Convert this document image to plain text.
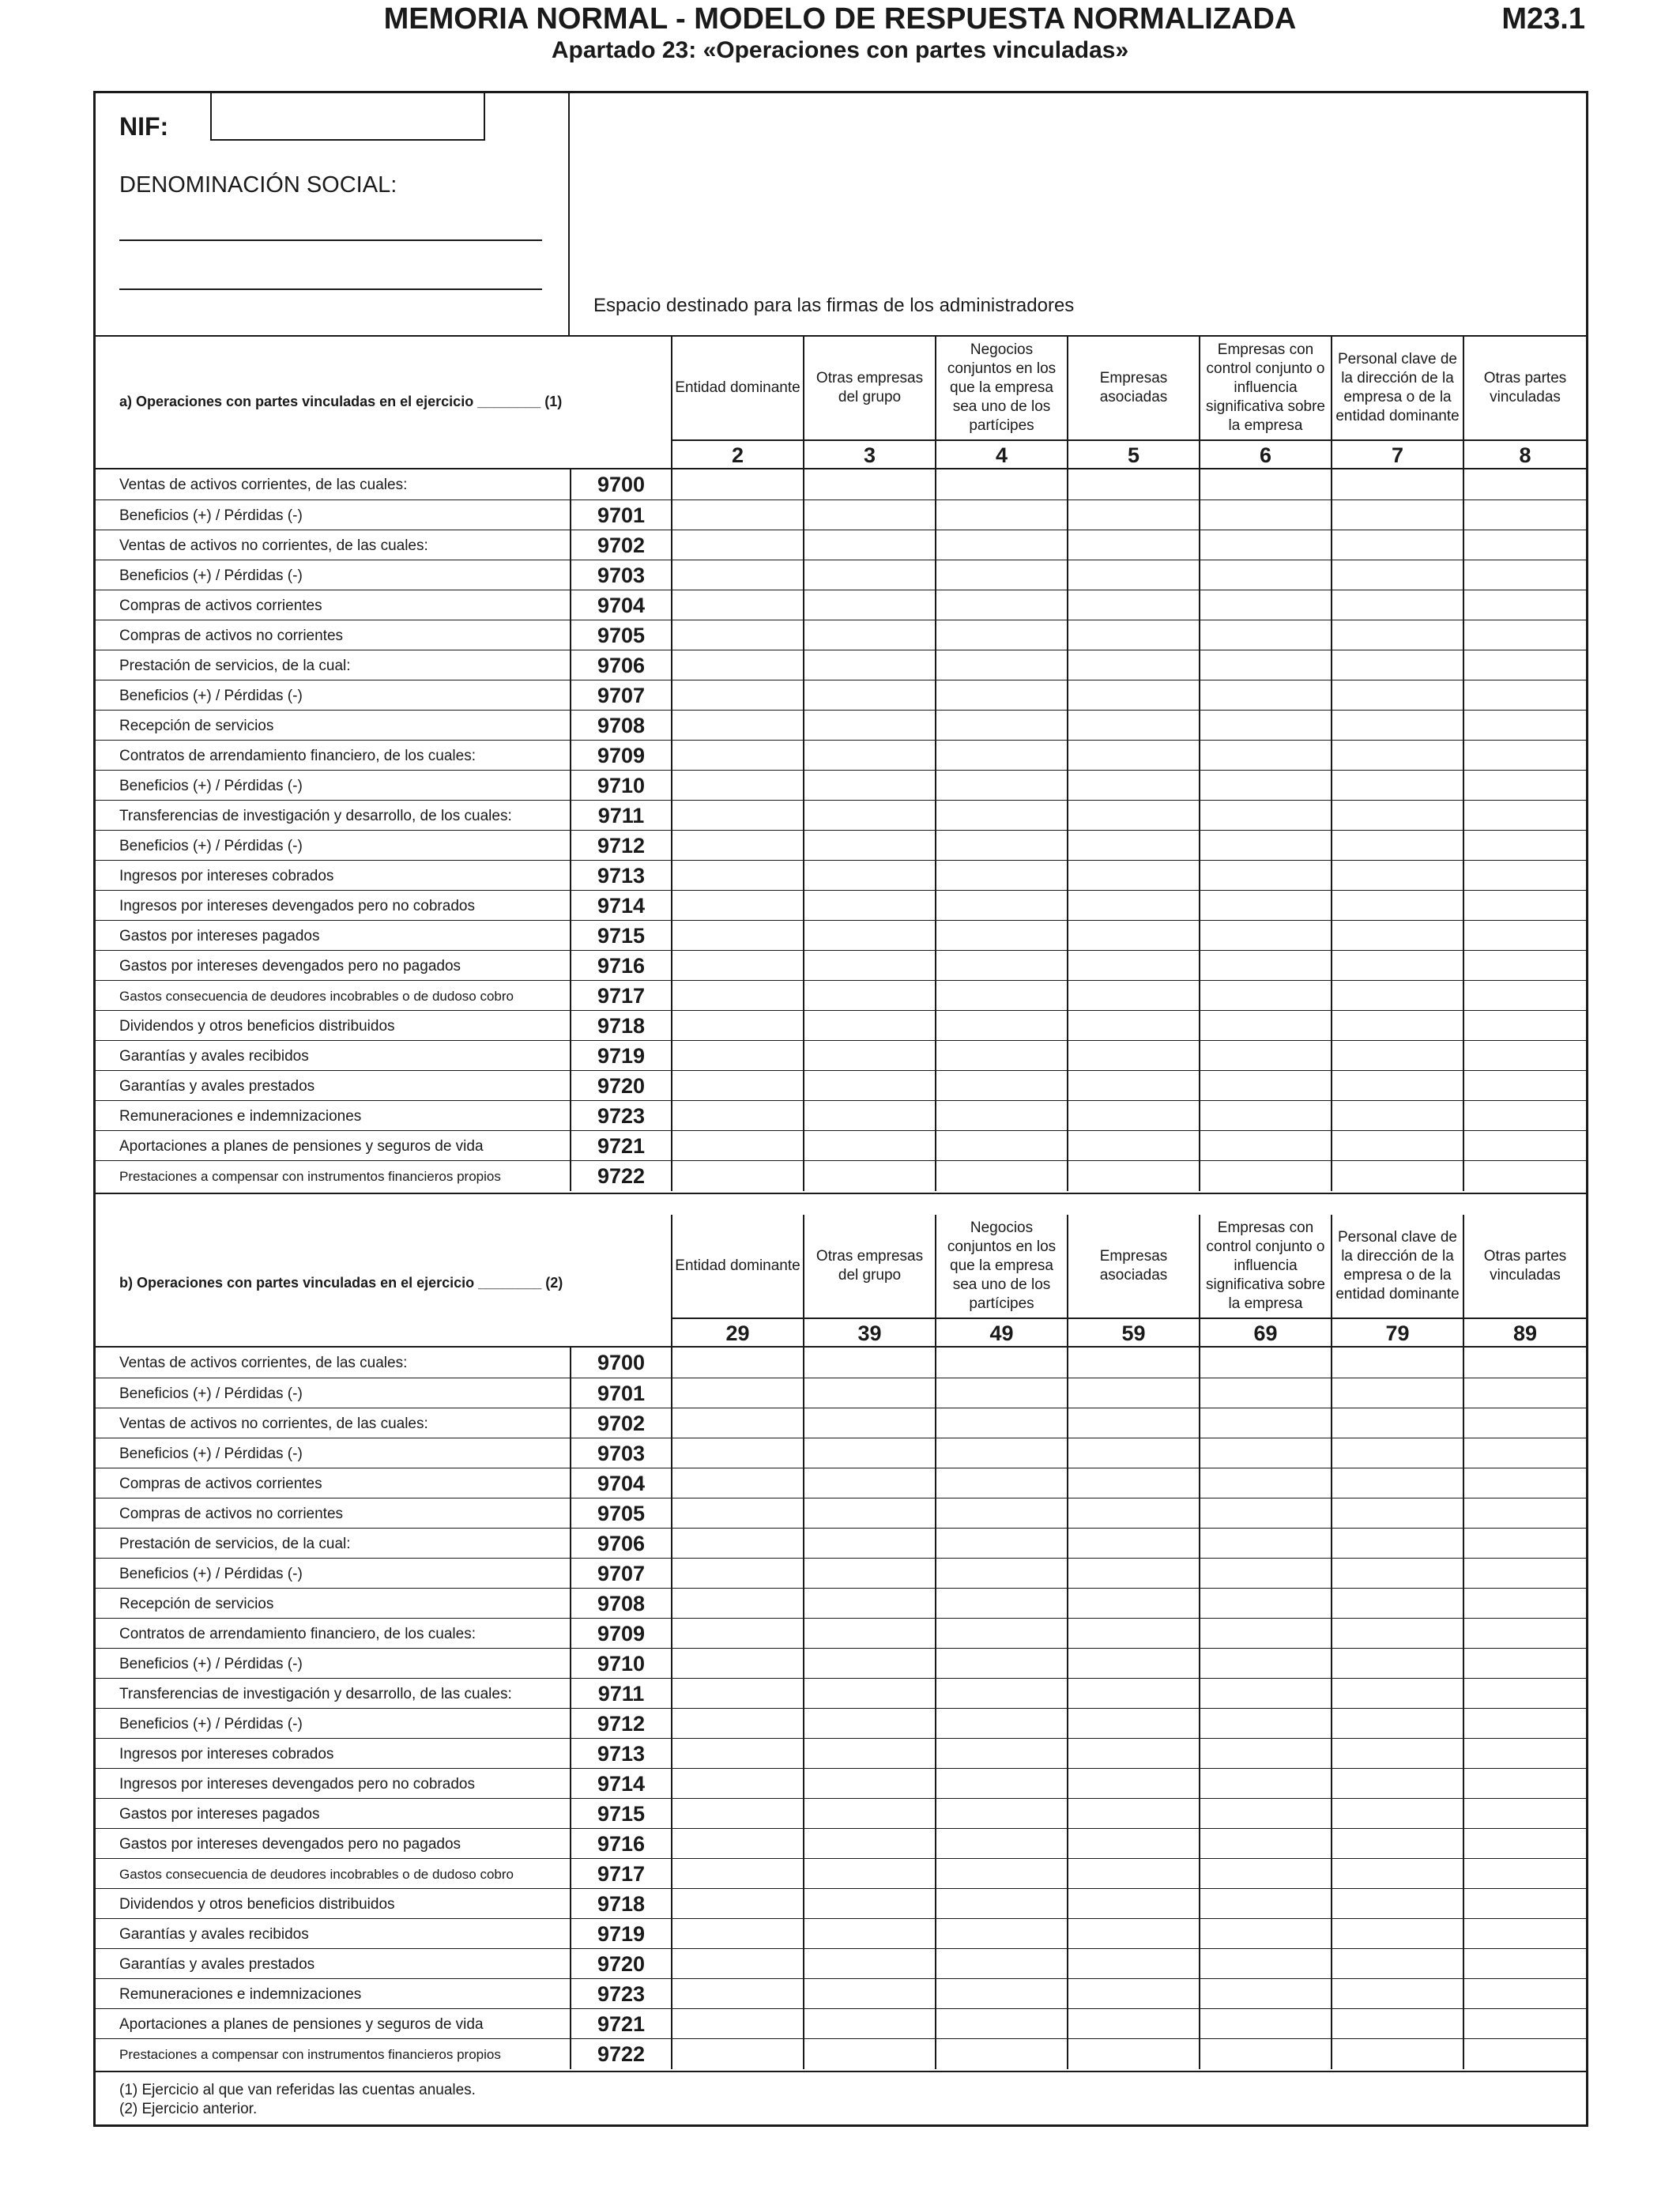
MEMORIA NORMAL - MODELO DE RESPUESTA NORMALIZADA	M23.1
Apartado 23: «Operaciones con partes vinculadas»
NIF:
DENOMINACIÓN SOCIAL:
Espacio destinado para las firmas de los administradores
a) Operaciones con partes vinculadas en el ejercicio ________ (1)
Entidad dominante
2
Otras empresas del grupo
3
Negocios conjuntos en los que la empresa sea uno de los partícipes
4
Empresas asociadas
5
Empresas con control conjunto o influencia significativa sobre la empresa
6
Personal clave de la dirección de la empresa o de la entidad dominante
7
Otras partes vinculadas
8
Ventas de activos corrientes, de las cuales:	9700
Beneficios (+) / Pérdidas (-)	9701
Ventas de activos no corrientes, de las cuales:	9702
Beneficios (+) / Pérdidas (-)	9703
Compras de activos corrientes	9704
Compras de activos no corrientes	9705
Prestación de servicios, de la cual:	9706
Beneficios (+) / Pérdidas (-)	9707
Recepción de servicios	9708
Contratos de arrendamiento financiero, de los cuales:	9709
Beneficios (+) / Pérdidas (-)	9710
Transferencias de investigación y desarrollo, de los cuales:	9711
Beneficios (+) / Pérdidas (-)	9712
Ingresos por intereses cobrados	9713
Ingresos por intereses devengados pero no cobrados	9714
Gastos por intereses pagados	9715
Gastos por intereses devengados pero no pagados	9716
Gastos consecuencia de deudores incobrables o de dudoso cobro	9717
Dividendos y otros beneficios distribuidos	9718
Garantías y avales recibidos	9719
Garantías y avales prestados	9720
Remuneraciones e indemnizaciones	9723
Aportaciones a planes de pensiones y seguros de vida	9721
Prestaciones a compensar con instrumentos financieros propios	9722
b) Operaciones con partes vinculadas en el ejercicio ________ (2)
Entidad dominante
29
Otras empresas del grupo
39
Negocios conjuntos en los que la empresa sea uno de los partícipes
49
Empresas asociadas
59
Empresas con control conjunto o influencia significativa sobre la empresa
69
Personal clave de la dirección de la empresa o de la entidad dominante
79
Otras partes vinculadas
89
Ventas de activos corrientes, de las cuales:	9700
Beneficios (+) / Pérdidas (-)	9701
Ventas de activos no corrientes, de las cuales:	9702
Beneficios (+) / Pérdidas (-)	9703
Compras de activos corrientes	9704
Compras de activos no corrientes	9705
Prestación de servicios, de la cual:	9706
Beneficios (+) / Pérdidas (-)	9707
Recepción de servicios	9708
Contratos de arrendamiento financiero, de los cuales:	9709
Beneficios (+) / Pérdidas (-)	9710
Transferencias de investigación y desarrollo, de las cuales:	9711
Beneficios (+) / Pérdidas (-)	9712
Ingresos por intereses cobrados	9713
Ingresos por intereses devengados pero no cobrados	9714
Gastos por intereses pagados	9715
Gastos por intereses devengados pero no pagados	9716
Gastos consecuencia de deudores incobrables o de dudoso cobro	9717
Dividendos y otros beneficios distribuidos	9718
Garantías y avales recibidos	9719
Garantías y avales prestados	9720
Remuneraciones e indemnizaciones	9723
Aportaciones a planes de pensiones y seguros de vida	9721
Prestaciones a compensar con instrumentos financieros propios	9722
(1) Ejercicio al que van referidas las cuentas anuales.
(2) Ejercicio anterior.
